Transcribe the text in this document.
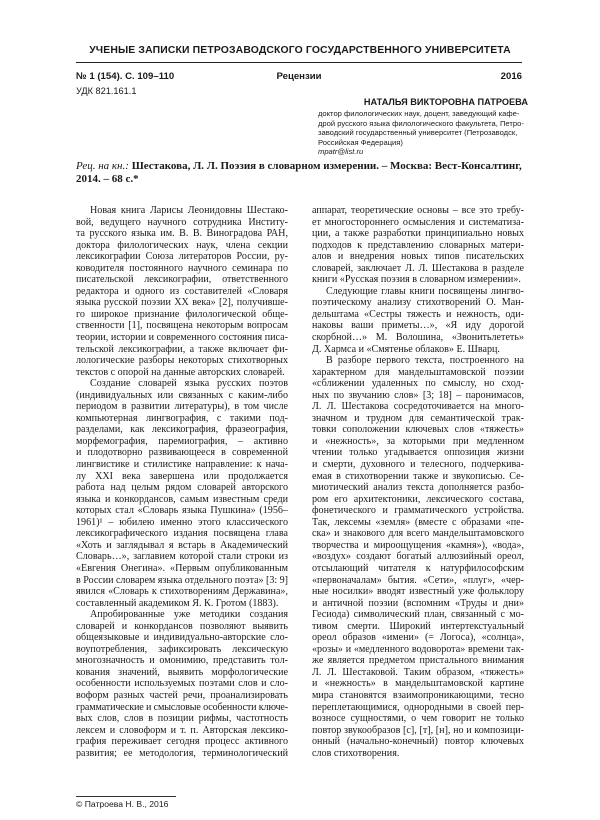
УЧЕНЫЕ ЗАПИСКИ ПЕТРОЗАВОДСКОГО ГОСУДАРСТВЕННОГО УНИВЕРСИТЕТА
№ 1 (154). С. 109–110	Рецензии	2016
УДК 821.161.1
НАТАЛЬЯ ВИКТОРОВНА ПАТРОЕВА
доктор филологических наук, доцент, заведующий кафе-
дрой русского языка филологического факультета, Петро-
заводский государственный университет (Петрозаводск,
Российская Федерация)
mpatr@list.ru
Рец. на кн.: Шестакова, Л. Л. Поэзия в словарном измерении. – Москва: Вест-Консалтинг, 2014. – 68 с.*
Новая книга Ларисы Леонидовны Шестако-
вой, ведущего научного сотрудника Институ-
та русского языка им. В. В. Виноградова РАН,
доктора филологических наук, члена секции
лексикографии Союза литераторов России, ру-
ководителя постоянного научного семинара по
писательской лексикографии, ответственного
редактора и одного из составителей «Словаря
языка русской поэзии XX века» [2], получивше-
го широкое признание филологической обще-
ственности [1], посвящена некоторым вопросам
теории, истории и современного состояния писа-
тельской лексикографии, а также включает фи-
лологические разборы некоторых стихотворных
текстов с опорой на данные авторских словарей.
Создание словарей языка русских поэтов
(индивидуальных или связанных с каким-либо
периодом в развитии литературы), в том числе
компьютерная лингвография, с такими под-
разделами, как лексикография, фразеография,
морфемография, паремиография, – активно
и плодотворно развивающееся в современной
лингвистике и стилистике направление: к нача-
лу XXI века завершена или продолжается
работа над целым рядом словарей авторского
языка и конкордансов, самым известным среди
которых стал «Словарь языка Пушкина» (1956–
1961)¹ – юбилею именно этого классического
лексикографического издания посвящена глава
«Хоть и заглядывал я встарь в Академический
Словарь…», заглавием которой стали строки из
«Евгения Онегина». «Первым опубликованным
в России словарем языка отдельного поэта» [3: 9]
явился «Словарь к стихотворениям Державина»,
составленный академиком Я. К. Гротом (1883).
Апробированные уже методики создания
словарей и конкордансов позволяют выявить
общеязыковые и индивидуально-авторские сло-
воупотребления, зафиксировать лексическую
многозначность и омонимию, представить тол-
кования значений, выявить морфологические
особенности используемых поэтами слов и сло-
воформ разных частей речи, проанализировать
грамматические и смысловые особенности ключе-
вых слов, слов в позиции рифмы, частотность
лексем и словоформ и т. п. Авторская лексико-
графия переживает сегодня процесс активного
развития; ее методология, терминологический
аппарат, теоретические основы – все это требу-
ет многостороннего осмысления и систематиза-
ции, а также разработки принципиально новых
подходов к представлению словарных матери-
алов и внедрения новых типов писательских
словарей, заключает Л. Л. Шестакова в разделе
книги «Русская поэзия в словарном измерении».
Следующие главы книги посвящены лингво-
поэтическому анализу стихотворений О. Ман-
дельштама «Сестры тяжесть и нежность, оди-
наковы ваши приметы…», «Я иду дорогой
скорбной…» М. Волошина, «Звонитьлететь»
Д. Хармса и «Смятенье облаков» Е. Шварц.
В разборе первого текста, построенного на
характерном для мандельштамовской поэзии
«сближении удаленных по смыслу, но сход-
ных по звучанию слов» [3; 18] – паронимасов,
Л. Л. Шестакова сосредоточивается на много-
значном и трудном для семантической трак-
товки соположении ключевых слов «тяжесть»
и «нежность», за которыми при медленном
чтении только угадывается оппозиция жизни
и смерти, духовного и телесного, подчеркива-
емая в стихотворении также и звукописью. Се-
миотический анализ текста дополняется разбо-
ром его архитектоники, лексического состава,
фонетического и грамматического устройства.
Так, лексемы «земля» (вместе с образами «пе-
ска» и знакового для всего мандельштамовского
творчества и мироощущения «камня»), «вода»,
«воздух» создают богатый аллюзийный ореол,
отсылающий читателя к натурфилософским
«первоначалам» бытия. «Сети», «плуг», «чер-
ные носилки» вводят известный уже фольклору
и античной поэзии (вспомним «Труды и дни»
Гесиода) символический план, связанный с мо-
тивом смерти. Широкий интертекстуальный
ореол образов «имени» (= Логоса), «солнца»,
«розы» и «медленного водоворота» времени так-
же является предметом пристального внимания
Л. Л. Шестаковой. Таким образом, «тяжесть»
и «нежность» в мандельштамовской картине
мира становятся взаимопроникающими, тесно
переплетающимися, однородными в своей пер-
возносе сущностями, о чем говорит не только
повтор звукообразов [с], [т], [н], но и композици-
онный (начально-конечный) повтор ключевых
слов стихотворения.
© Патроева Н. В., 2016
